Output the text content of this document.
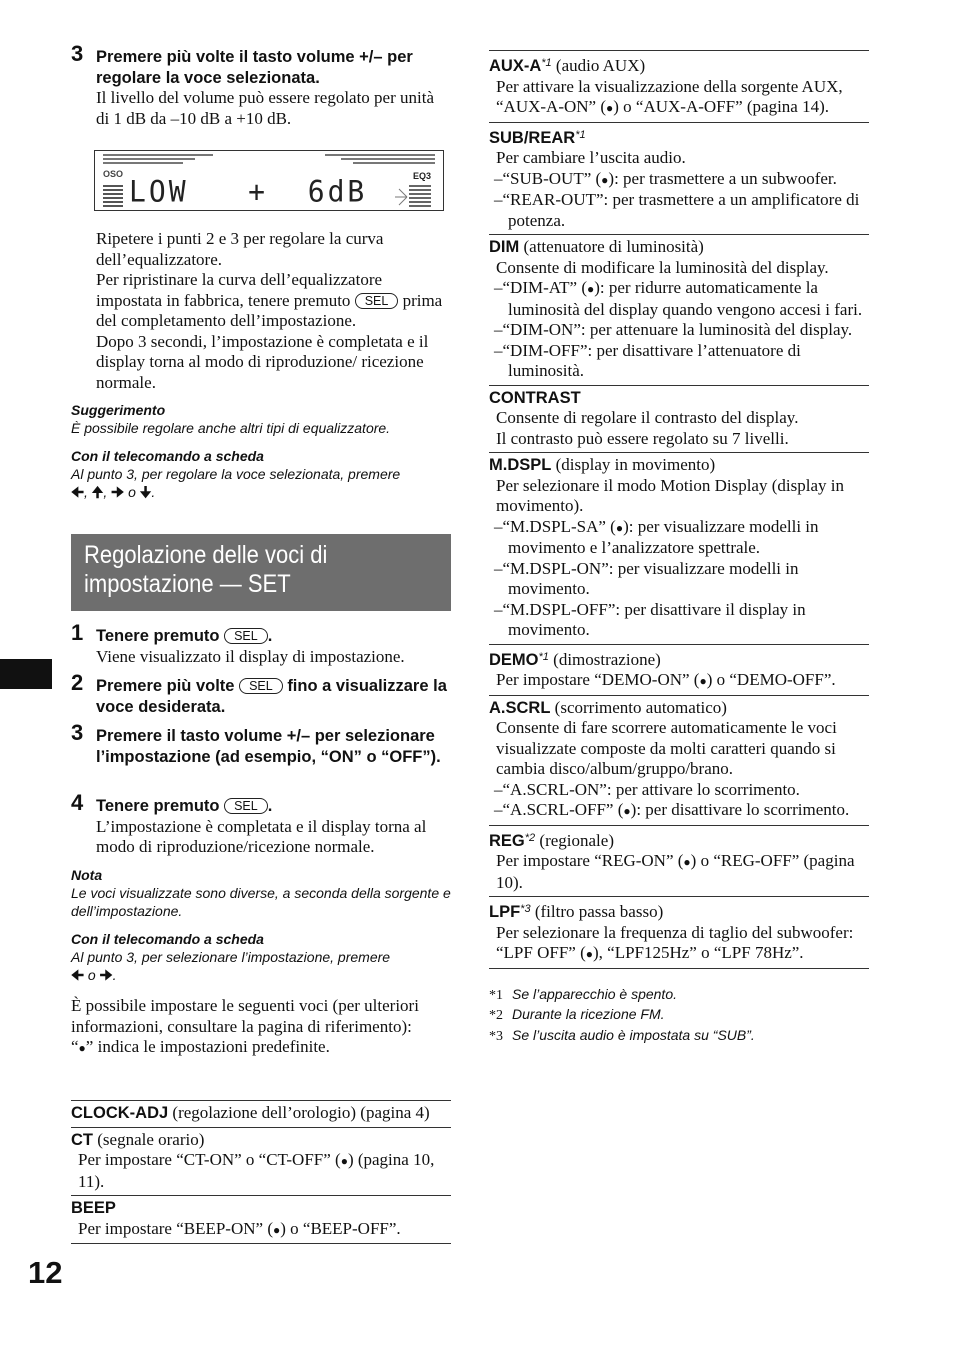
3 Premere più volte il tasto volume +/– per regolare la voce selezionata.
Il livello del volume può essere regolato per unità di 1 dB da –10 dB a +10 dB.
OSO	EQ3
LOW   +  6dB
Ripetere i punti 2 e 3 per regolare la curva dell’equalizzatore.
Per ripristinare la curva dell’equalizzatore impostata in fabbrica, tenere premuto SEL prima del completamento dell’impostazione.
Dopo 3 secondi, l’impostazione è completata e il display torna al modo di riproduzione/ ricezione normale.
Suggerimento
È possibile regolare anche altri tipi di equalizzatore.
Con il telecomando a scheda
Al punto 3, per regolare la voce selezionata, premere
🠈, 🠉, 🠊 o 🠋.
Regolazione delle voci di impostazione — SET
1 Tenere premuto SEL .
Viene visualizzato il display di impostazione.
2 Premere più volte SEL fino a visualizzare la voce desiderata.
3 Premere il tasto volume +/– per selezionare l’impostazione (ad esempio, “ON” o “OFF”).
4 Tenere premuto SEL .
L’impostazione è completata e il display torna al modo di riproduzione/ricezione normale.
Nota
Le voci visualizzate sono diverse, a seconda della sorgente e dell’impostazione.
Con il telecomando a scheda
Al punto 3, per selezionare l’impostazione, premere
🠈 o 🠊.
È possibile impostare le seguenti voci (per ulteriori informazioni, consultare la pagina di riferimento):
“●” indica le impostazioni predefinite.
CLOCK-ADJ (regolazione dell’orologio) (pagina 4)
CT (segnale orario)
Per impostare “CT-ON” o “CT-OFF” (●) (pagina 10, 11).
BEEP
Per impostare “BEEP-ON” (●) o “BEEP-OFF”.
AUX-$A^{*1}$ (audio AUX)
Per attivare la visualizzazione della sorgente AUX, “AUX-A-ON” (●) o “AUX-A-OFF” (pagina 14).
SUB/REAR$^{*1}$
Per cambiare l’uscita audio.
–“SUB-OUT” (●): per trasmettere a un subwoofer.
–“REAR-OUT”: per trasmettere a un amplificatore di potenza.
DIM (attenuatore di luminosità)
Consente di modificare la luminosità del display.
–“DIM-AT” (●): per ridurre automaticamente la luminosità del display quando vengono accesi i fari.
–“DIM-ON”: per attenuare la luminosità del display.
–“DIM-OFF”: per disattivare l’attenuatore di luminosità.
CONTRAST
Consente di regolare il contrasto del display.
Il contrasto può essere regolato su 7 livelli.
M.DSPL (display in movimento)
Per selezionare il modo Motion Display (display in movimento).
–“M.DSPL-SA” (●): per visualizzare modelli in movimento e l’analizzatore spettrale.
–“M.DSPL-ON”: per visualizzare modelli in movimento.
–“M.DSPL-OFF”: per disattivare il display in movimento.
DEMO$^{*1}$ (dimostrazione)
Per impostare “DEMO-ON” (●) o “DEMO-OFF”.
A.SCRL (scorrimento automatico)
Consente di fare scorrere automaticamente le voci visualizzate composte da molti caratteri quando si cambia disco/album/gruppo/brano.
–“A.SCRL-ON”: per attivare lo scorrimento.
–“A.SCRL-OFF” (●): per disattivare lo scorrimento.
REG$^{*2}$ (regionale)
Per impostare “REG-ON” (●) o “REG-OFF” (pagina 10).
LPF$^{*3}$ (filtro passa basso)
Per selezionare la frequenza di taglio del subwoofer: “LPF OFF” (●), “LPF125Hz” o “LPF 78Hz”.
*1 Se l’apparecchio è spento.
*2 Durante la ricezione FM.
*3 Se l’uscita audio è impostata su “SUB”.
12
